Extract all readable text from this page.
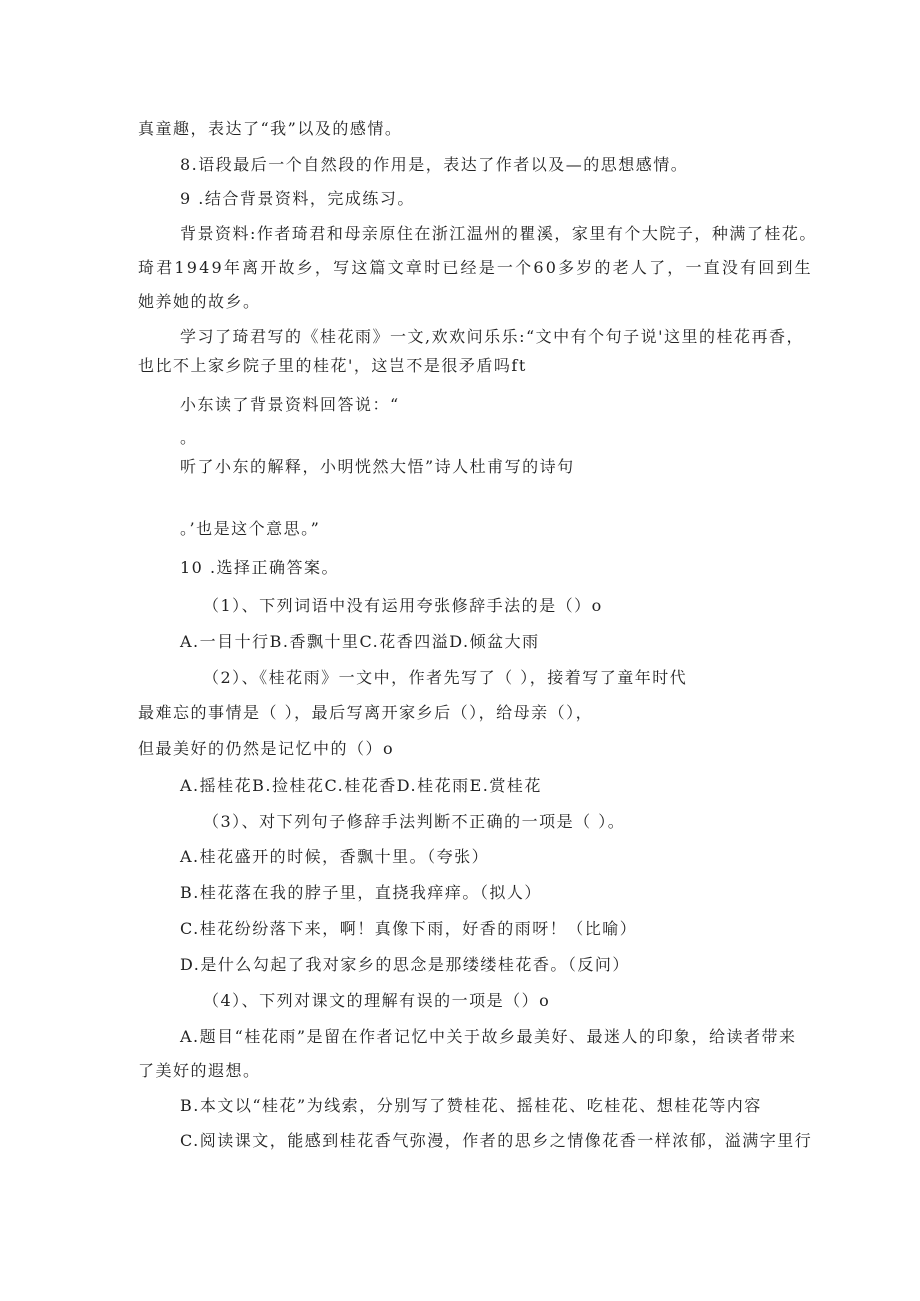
真童趣，表达了“我”以及的感情。
8.语段最后一个自然段的作用是，表达了作者以及—的思想感情。
9 .结合背景资料，完成练习。
背景资料:作者琦君和母亲原住在浙江温州的瞿溪，家里有个大院子，种满了桂花。
琦君1949年离开故乡，写这篇文章时已经是一个60多岁的老人了，一直没有回到生
她养她的故乡。
学习了琦君写的《桂花雨》一文,欢欢问乐乐:“文中有个句子说'这里的桂花再香，
也比不上家乡院子里的桂花'，这岂不是很矛盾吗ft
小东读了背景资料回答说：“
。
听了小东的解释，小明恍然大悟”诗人杜甫写的诗句
。’也是这个意思。”
10 .选择正确答案。
（1）、下列词语中没有运用夸张修辞手法的是（）o
A.一目十行B.香飘十里C.花香四溢D.倾盆大雨
（2）、《桂花雨》一文中，作者先写了（ ），接着写了童年时代
最难忘的事情是（ ），最后写离开家乡后（），给母亲（），
但最美好的仍然是记忆中的（）o
A.摇桂花B.捡桂花C.桂花香D.桂花雨E.赏桂花
（3）、对下列句子修辞手法判断不正确的一项是（ ）。
A.桂花盛开的时候，香飘十里。（夸张）
B.桂花落在我的脖子里，直挠我痒痒。（拟人）
C.桂花纷纷落下来，啊！真像下雨，好香的雨呀！（比喻）
D.是什么勾起了我对家乡的思念是那缕缕桂花香。（反问）
（4）、下列对课文的理解有误的一项是（）o
A.题目“桂花雨”是留在作者记忆中关于故乡最美好、最迷人的印象，给读者带来
了美好的遐想。
B.本文以“桂花”为线索，分别写了赞桂花、摇桂花、吃桂花、想桂花等内容
C.阅读课文，能感到桂花香气弥漫，作者的思乡之情像花香一样浓郁，溢满字里行
